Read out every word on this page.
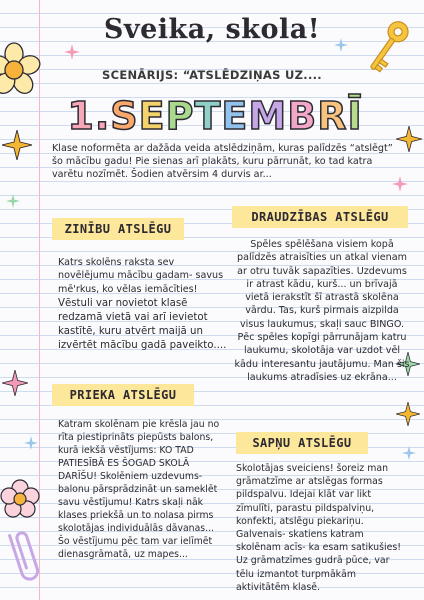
Sveika, skola!
SCENĀRIJS: “ATSLĒDZIŅAS UZ....
1.SEPTEMBRĪ
Klase noformēta ar dažāda veida atslēdziņām, kuras palīdzēs “atslēgt” šo mācību gadu! Pie sienas arī plakāts, kuru pārrunāt, ko tad katra varētu nozīmēt. Šodien atvērsim 4 durvis ar...
ZINĪBU ATSLĒGU
Katrs skolēns raksta sev novēlējumu mācību gadam- savus mē'rkus, ko vēlas iemācīties!
Vēstuli var novietot klasē redzamā vietā vai arī ievietot kastītē, kuru atvērt maijā un izvērtēt mācību gadā paveikto....
DRAUDZĪBAS ATSLĒGU
Spēles spēlēšana visiem kopā palīdzēs atraisīties un atkal vienam ar otru tuvāk sapazīties. Uzdevums ir atrast kādu, kurš... un brīvajā vietā ierakstīt šī atrastā skolēna vārdu. Tas, kurš pirmais aizpilda visus laukumus, skaļi sauc BINGO. Pēc spēles kopīgi pārrunājam katru laukumu, skolotāja var uzdot vēl kādu interesantu jautājumu. Man šis laukums atradīsies uz ekrāna...
PRIEKA ATSLĒGU
Katram skolēnam pie krēsla jau no rīta piestiprināts piepūsts balons, kurā iekšā vēstījums: KO TAD PATIESĪBĀ ES ŠOGAD SKOLĀ DARĪŠU! Skolēniem uzdevums- balonu pārsprādzināt un sameklēt savu vēstījumu! Katrs skaļi nāk klases priekšā un to nolasa pirms skolotājas individuālās dāvanas... Šo vēstījumu pēc tam var ielīmēt dienasgrāmatā, uz mapes...
SAPŅU ATSLĒGU
Skolotājas sveiciens! šoreiz man grāmatzīme ar atslēgas formas pildspalvu. Idejai klāt var likt zīmulīti, parastu pildspalviņu, konfekti, atslēgu piekariņu. Galvenais- skatiens katram skolēnam acīs- ka esam satikušies! Uz grāmatzīmes gudrā pūce, var tēlu izmantot turpmākām aktivitātēm klasē.
